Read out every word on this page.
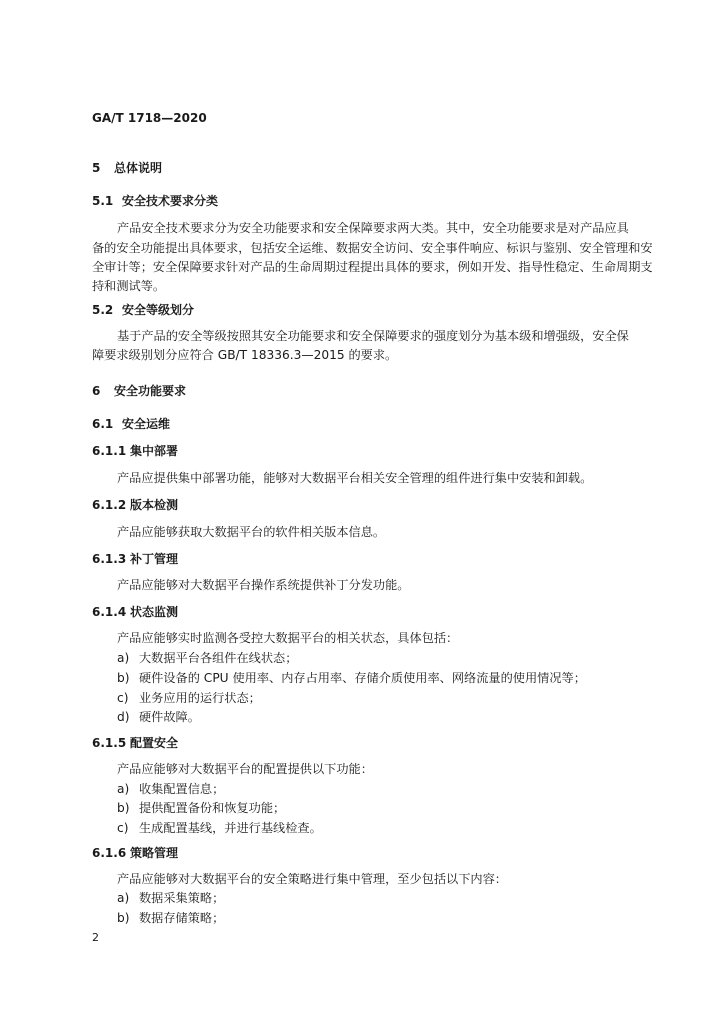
GA/T 1718—2020
5 总体说明
5.1 安全技术要求分类
产品安全技术要求分为安全功能要求和安全保障要求两大类。其中，安全功能要求是对产品应具
备的安全功能提出具体要求，包括安全运维、数据安全访问、安全事件响应、标识与鉴别、安全管理和安
全审计等；安全保障要求针对产品的生命周期过程提出具体的要求，例如开发、指导性稳定、生命周期支
持和测试等。
5.2 安全等级划分
基于产品的安全等级按照其安全功能要求和安全保障要求的强度划分为基本级和增强级，安全保
障要求级别划分应符合 GB/T 18336.3—2015 的要求。
6 安全功能要求
6.1 安全运维
6.1.1 集中部署
产品应提供集中部署功能，能够对大数据平台相关安全管理的组件进行集中安装和卸载。
6.1.2 版本检测
产品应能够获取大数据平台的软件相关版本信息。
6.1.3 补丁管理
产品应能够对大数据平台操作系统提供补丁分发功能。
6.1.4 状态监测
产品应能够实时监测各受控大数据平台的相关状态，具体包括：
a) 大数据平台各组件在线状态；
b) 硬件设备的 CPU 使用率、内存占用率、存储介质使用率、网络流量的使用情况等；
c) 业务应用的运行状态；
d) 硬件故障。
6.1.5 配置安全
产品应能够对大数据平台的配置提供以下功能：
a) 收集配置信息；
b) 提供配置备份和恢复功能；
c) 生成配置基线，并进行基线检查。
6.1.6 策略管理
产品应能够对大数据平台的安全策略进行集中管理，至少包括以下内容：
a) 数据采集策略；
b) 数据存储策略；
2
